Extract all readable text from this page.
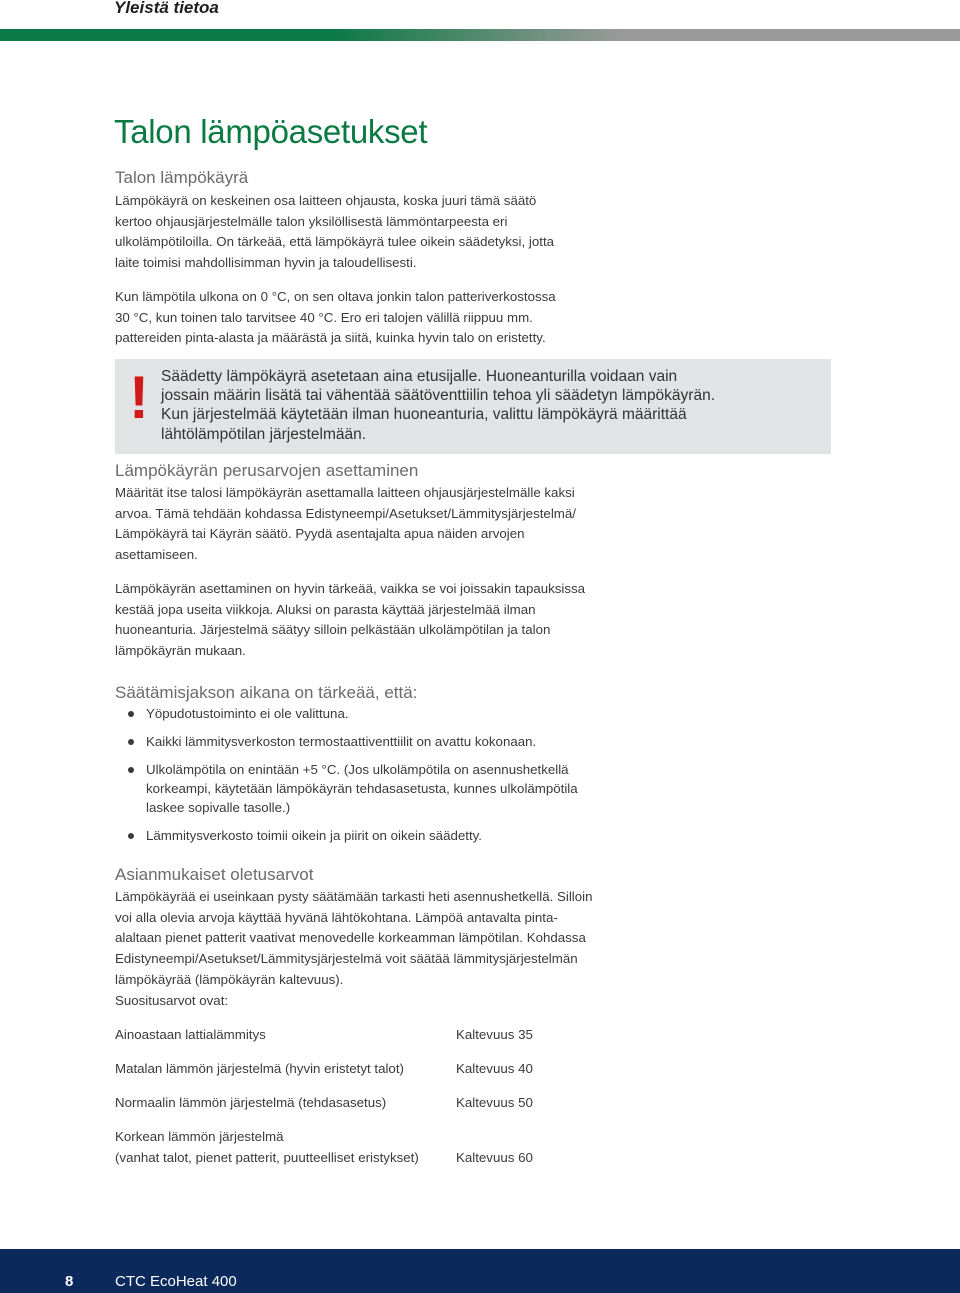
Yleistä tietoa
Talon lämpöasetukset
Talon lämpökäyrä

Lämpökäyrä on keskeinen osa laitteen ohjausta, koska juuri tämä säätö
kertoo ohjausjärjestelmälle talon yksilöllisestä lämmöntarpeesta eri
ulkolämpötiloilla. On tärkeää, että lämpökäyrä tulee oikein säädetyksi, jotta
laite toimisi mahdollisimman hyvin ja taloudellisesti.

Kun lämpötila ulkona on 0 °C, on sen oltava jonkin talon patteriverkostossa
30 °C, kun toinen talo tarvitsee 40 °C. Ero eri talojen välillä riippuu mm.
pattereiden pinta-alasta ja määrästä ja siitä, kuinka hyvin talo on eristetty.

! Säädetty lämpökäyrä asetetaan aina etusijalle. Huoneanturilla voidaan vain
jossain määrin lisätä tai vähentää säätöventtiilin tehoa yli säädetyn lämpökäyrän.
Kun järjestelmää käytetään ilman huoneanturia, valittu lämpökäyrä määrittää
lähtölämpötilan järjestelmään.
Lämpökäyrän perusarvojen asettaminen

Määrität itse talosi lämpökäyrän asettamalla laitteen ohjausjärjestelmälle kaksi
arvoa. Tämä tehdään kohdassa Edistyneempi/Asetukset/Lämmitysjärjestelmä/
Lämpökäyrä tai Käyrän säätö. Pyydä asentajalta apua näiden arvojen
asettamiseen.

Lämpökäyrän asettaminen on hyvin tärkeää, vaikka se voi joissakin tapauksissa
kestää jopa useita viikkoja. Aluksi on parasta käyttää järjestelmää ilman
huoneanturia. Järjestelmä säätyy silloin pelkästään ulkolämpötilan ja talon
lämpökäyrän mukaan.

Säätämisjakson aikana on tärkeää, että:
Yöpudotustoiminto ei ole valittuna.
Kaikki lämmitysverkoston termostaattiventtiilit on avattu kokonaan.
Ulkolämpötila on enintään +5 °C. (Jos ulkolämpötila on asennushetkellä
korkeampi, käytetään lämpökäyrän tehdasasetusta, kunnes ulkolämpötila
laskee sopivalle tasolle.)
Lämmitysverkosto toimii oikein ja piirit on oikein säädetty.
Asianmukaiset oletusarvot

Lämpökäyrää ei useinkaan pysty säätämään tarkasti heti asennushetkellä. Silloin
voi alla olevia arvoja käyttää hyvänä lähtökohtana. Lämpöä antavalta pinta-
alaltaan pienet patterit vaativat menovedelle korkeamman lämpötilan. Kohdassa
Edistyneempi/Asetukset/Lämmitysjärjestelmä voit säätää lämmitysjärjestelmän
lämpökäyrää (lämpökäyrän kaltevuus).
Suositusarvot ovat:

Ainoastaan lattialämmitys	Kaltevuus 35
Matalan lämmön järjestelmä (hyvin eristetyt talot)	Kaltevuus 40
Normaalin lämmön järjestelmä (tehdasasetus)	Kaltevuus 50
Korkean lämmön järjestelmä
(vanhat talot, pienet patterit, puutteelliset eristykset)	Kaltevuus 60
8	CTC EcoHeat 400
